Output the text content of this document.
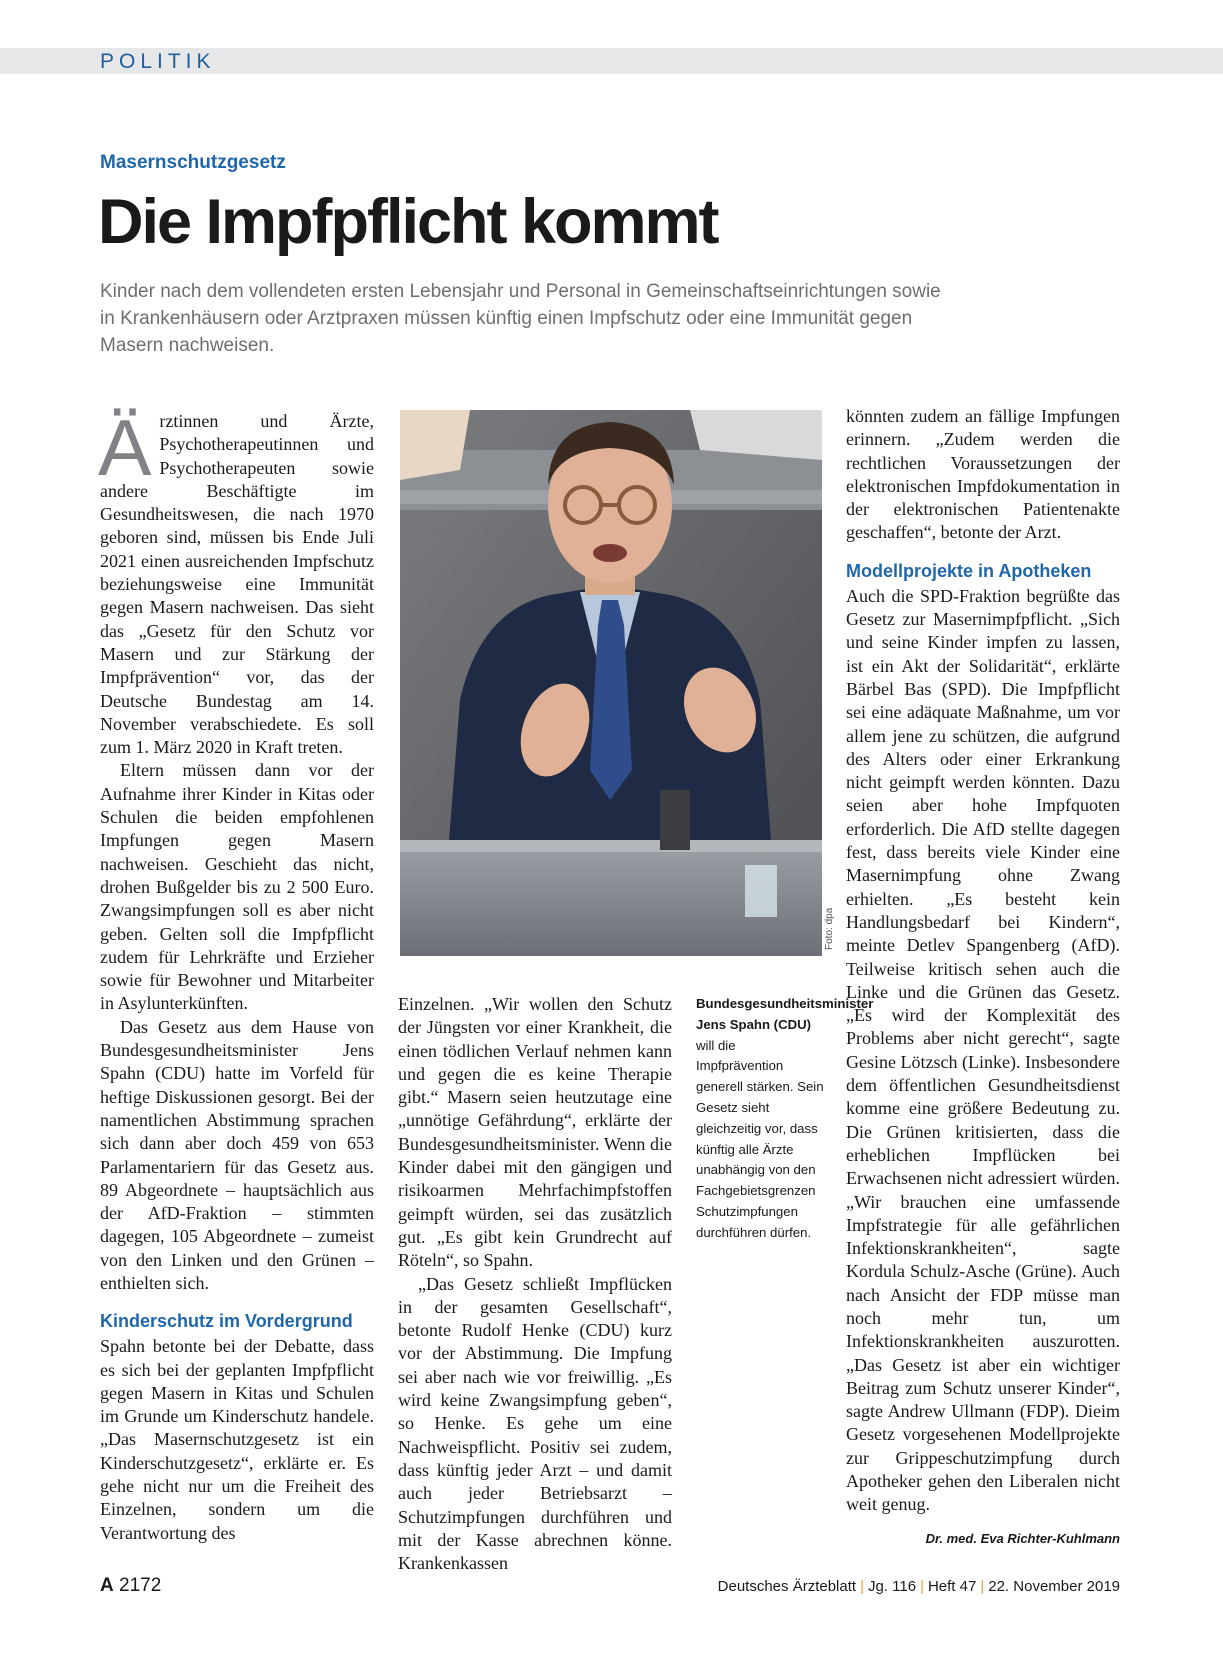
POLITIK
Masernschutzgesetz
Die Impfpflicht kommt

Kinder nach dem vollendeten ersten Lebensjahr und Personal in Gemeinschaftseinrichtungen sowie in Krankenhäusern oder Arztpraxen müssen künftig einen Impfschutz oder eine Immunität gegen Masern nachweisen.

Ärztinnen und Ärzte, Psychotherapeutinnen und Psychotherapeuten sowie andere Beschäftigte im Gesundheitswesen, die nach 1970 geboren sind, müssen bis Ende Juli 2021 einen ausreichenden Impfschutz beziehungsweise eine Immunität gegen Masern nachweisen. Das sieht das „Gesetz für den Schutz vor Masern und zur Stärkung der Impfprävention“ vor, das der Deutsche Bundestag am 14. November verabschiedete. Es soll zum 1. März 2020 in Kraft treten.

Eltern müssen dann vor der Aufnahme ihrer Kinder in Kitas oder Schulen die beiden empfohlenen Impfungen gegen Masern nachweisen. Geschieht das nicht, drohen Bußgelder bis zu 2 500 Euro. Zwangsimpfungen soll es aber nicht geben. Gelten soll die Impfpflicht zudem für Lehrkräfte und Erzieher sowie für Bewohner und Mitarbeiter in Asylunterkünften.

Das Gesetz aus dem Hause von Bundesgesundheitsminister Jens Spahn (CDU) hatte im Vorfeld für heftige Diskussionen gesorgt. Bei der namentlichen Abstimmung sprachen sich dann aber doch 459 von 653 Parlamentariern für das Gesetz aus. 89 Abgeordnete – hauptsächlich aus der AfD-Fraktion – stimmten dagegen, 105 Abgeordnete – zumeist von den Linken und den Grünen – enthielten sich.

Kinderschutz im Vordergrund

Spahn betonte bei der Debatte, dass es sich bei der geplanten Impfpflicht gegen Masern in Kitas und Schulen im Grunde um Kinderschutz handele. „Das Masernschutzgesetz ist ein Kinderschutzgesetz“, erklärte er. Es gehe nicht nur um die Freiheit des Einzelnen, sondern um die Verantwortung des

Foto: dpa
Bundesgesundheitsminister Jens Spahn (CDU) will die Impfprävention generell stärken. Sein Gesetz sieht gleichzeitig vor, dass künftig alle Ärzte unabhängig von den Fachgebietsgrenzen Schutzimpfungen durchführen dürfen.

Einzelnen. „Wir wollen den Schutz der Jüngsten vor einer Krankheit, die einen tödlichen Verlauf nehmen kann und gegen die es keine Therapie gibt.“ Masern seien heutzutage eine „unnötige Gefährdung“, erklärte der Bundesgesundheitsminister. Wenn die Kinder dabei mit den gängigen und risikoarmen Mehrfachimpfstoffen geimpft würden, sei das zusätzlich gut. „Es gibt kein Grundrecht auf Röteln“, so Spahn.

„Das Gesetz schließt Impflücken in der gesamten Gesellschaft“, betonte Rudolf Henke (CDU) kurz vor der Abstimmung. Die Impfung sei aber nach wie vor freiwillig. „Es wird keine Zwangsimpfung geben“, so Henke. Es gehe um eine Nachweispflicht. Positiv sei zudem, dass künftig jeder Arzt – und damit auch jeder Betriebsarzt – Schutzimpfungen durchführen und mit der Kasse abrechnen könne. Krankenkassen

könnten zudem an fällige Impfungen erinnern. „Zudem werden die rechtlichen Voraussetzungen der elektronischen Impfdokumentation in der elektronischen Patientenakte geschaffen“, betonte der Arzt.

Modellprojekte in Apotheken

Auch die SPD-Fraktion begrüßte das Gesetz zur Masernimpfpflicht. „Sich und seine Kinder impfen zu lassen, ist ein Akt der Solidarität“, erklärte Bärbel Bas (SPD). Die Impfpflicht sei eine adäquate Maßnahme, um vor allem jene zu schützen, die aufgrund des Alters oder einer Erkrankung nicht geimpft werden könnten. Dazu seien aber hohe Impfquoten erforderlich. Die AfD stellte dagegen fest, dass bereits viele Kinder eine Masernimpfung ohne Zwang erhielten. „Es besteht kein Handlungsbedarf bei Kindern“, meinte Detlev Spangenberg (AfD). Teilweise kritisch sehen auch die Linke und die Grünen das Gesetz. „Es wird der Komplexität des Problems aber nicht gerecht“, sagte Gesine Lötzsch (Linke). Insbesondere dem öffentlichen Gesundheitsdienst komme eine größere Bedeutung zu. Die Grünen kritisierten, dass die erheblichen Impflücken bei Erwachsenen nicht adressiert würden. „Wir brauchen eine umfassende Impfstrategie für alle gefährlichen Infektionskrankheiten“, sagte Kordula Schulz-Asche (Grüne). Auch nach Ansicht der FDP müsse man noch mehr tun, um Infektionskrankheiten auszurotten. „Das Gesetz ist aber ein wichtiger Beitrag zum Schutz unserer Kinder“, sagte Andrew Ullmann (FDP). Dieim Gesetz vorgesehenen Modellprojekte zur Grippeschutzimpfung durch Apotheker gehen den Liberalen nicht weit genug.

Dr. med. Eva Richter-Kuhlmann
A 2172	Deutsches Ärzteblatt | Jg. 116 | Heft 47 | 22. November 2019
